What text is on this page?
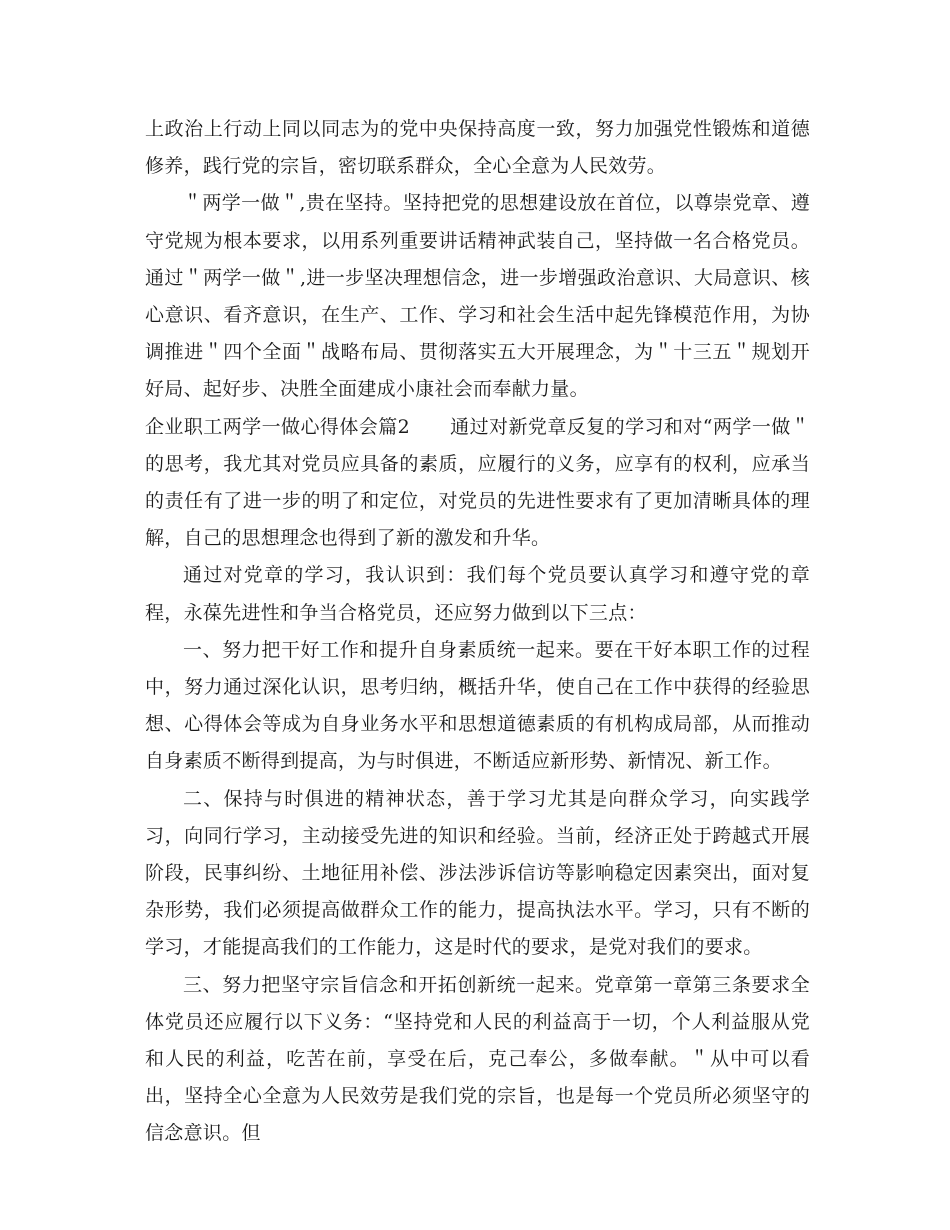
上政治上行动上同以同志为的党中央保持高度一致，努力加强党性锻炼和道德修养，践行党的宗旨，密切联系群众，全心全意为人民效劳。

＂两学一做＂,贵在坚持。坚持把党的思想建设放在首位，以尊崇党章、遵守党规为根本要求，以用系列重要讲话精神武装自己，坚持做一名合格党员。通过＂两学一做＂,进一步坚决理想信念，进一步增强政治意识、大局意识、核心意识、看齐意识，在生产、工作、学习和社会生活中起先锋模范作用，为协调推进＂四个全面＂战略布局、贯彻落实五大开展理念，为＂十三五＂规划开好局、起好步、决胜全面建成小康社会而奉献力量。

企业职工两学一做心得体会篇2 通过对新党章反复的学习和对“两学一做＂的思考，我尤其对党员应具备的素质，应履行的义务，应享有的权利，应承当的责任有了进一步的明了和定位，对党员的先进性要求有了更加清晰具体的理解，自己的思想理念也得到了新的激发和升华。

通过对党章的学习，我认识到：我们每个党员要认真学习和遵守党的章程，永葆先进性和争当合格党员，还应努力做到以下三点：

一、努力把干好工作和提升自身素质统一起来。要在干好本职工作的过程中，努力通过深化认识，思考归纳，概括升华，使自己在工作中获得的经验思想、心得体会等成为自身业务水平和思想道德素质的有机构成局部，从而推动自身素质不断得到提高，为与时俱进，不断适应新形势、新情况、新工作。

二、保持与时俱进的精神状态，善于学习尤其是向群众学习，向实践学习，向同行学习，主动接受先进的知识和经验。当前，经济正处于跨越式开展阶段，民事纠纷、土地征用补偿、涉法涉诉信访等影响稳定因素突出，面对复杂形势，我们必须提高做群众工作的能力，提高执法水平。学习，只有不断的学习，才能提高我们的工作能力，这是时代的要求，是党对我们的要求。

三、努力把坚守宗旨信念和开拓创新统一起来。党章第一章第三条要求全体党员还应履行以下义务：“坚持党和人民的利益高于一切，个人利益服从党和人民的利益，吃苦在前，享受在后，克己奉公，多做奉献。＂从中可以看出，坚持全心全意为人民效劳是我们党的宗旨，也是每一个党员所必须坚守的信念意识。但
